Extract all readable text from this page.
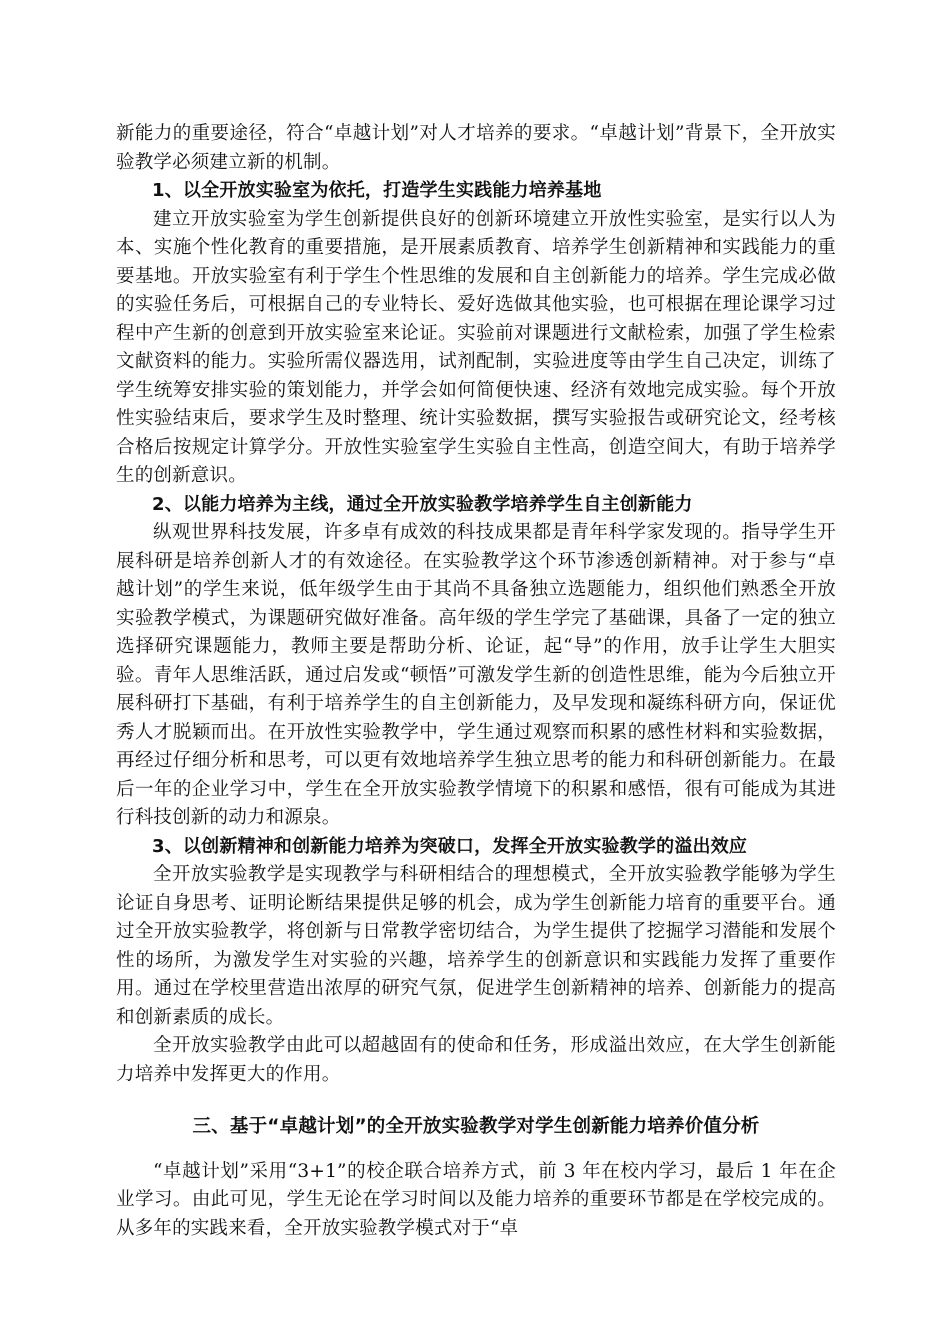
新能力的重要途径，符合“卓越计划”对人才培养的要求。“卓越计划”背景下，全开放实验教学必须建立新的机制。

1、以全开放实验室为依托，打造学生实践能力培养基地

建立开放实验室为学生创新提供良好的创新环境建立开放性实验室，是实行以人为本、实施个性化教育的重要措施，是开展素质教育、培养学生创新精神和实践能力的重要基地。开放实验室有利于学生个性思维的发展和自主创新能力的培养。学生完成必做的实验任务后，可根据自己的专业特长、爱好选做其他实验，也可根据在理论课学习过程中产生新的创意到开放实验室来论证。实验前对课题进行文献检索，加强了学生检索文献资料的能力。实验所需仪器选用，试剂配制，实验进度等由学生自己决定，训练了学生统筹安排实验的策划能力，并学会如何简便快速、经济有效地完成实验。每个开放性实验结束后，要求学生及时整理、统计实验数据，撰写实验报告或研究论文，经考核合格后按规定计算学分。开放性实验室学生实验自主性高，创造空间大，有助于培养学生的创新意识。

2、以能力培养为主线，通过全开放实验教学培养学生自主创新能力

纵观世界科技发展，许多卓有成效的科技成果都是青年科学家发现的。指导学生开展科研是培养创新人才的有效途径。在实验教学这个环节渗透创新精神。对于参与“卓越计划”的学生来说，低年级学生由于其尚不具备独立选题能力，组织他们熟悉全开放实验教学模式，为课题研究做好准备。高年级的学生学完了基础课，具备了一定的独立选择研究课题能力，教师主要是帮助分析、论证，起“导”的作用，放手让学生大胆实验。青年人思维活跃，通过启发或“顿悟”可激发学生新的创造性思维，能为今后独立开展科研打下基础，有利于培养学生的自主创新能力，及早发现和凝练科研方向，保证优秀人才脱颖而出。在开放性实验教学中，学生通过观察而积累的感性材料和实验数据，再经过仔细分析和思考，可以更有效地培养学生独立思考的能力和科研创新能力。在最后一年的企业学习中，学生在全开放实验教学情境下的积累和感悟，很有可能成为其进行科技创新的动力和源泉。

3、以创新精神和创新能力培养为突破口，发挥全开放实验教学的溢出效应

全开放实验教学是实现教学与科研相结合的理想模式，全开放实验教学能够为学生论证自身思考、证明论断结果提供足够的机会，成为学生创新能力培育的重要平台。通过全开放实验教学，将创新与日常教学密切结合，为学生提供了挖掘学习潜能和发展个性的场所，为激发学生对实验的兴趣，培养学生的创新意识和实践能力发挥了重要作用。通过在学校里营造出浓厚的研究气氛，促进学生创新精神的培养、创新能力的提高和创新素质的成长。

全开放实验教学由此可以超越固有的使命和任务，形成溢出效应，在大学生创新能力培养中发挥更大的作用。

三、基于“卓越计划”的全开放实验教学对学生创新能力培养价值分析

“卓越计划”采用“3+1”的校企联合培养方式，前 3 年在校内学习，最后 1 年在企业学习。由此可见，学生无论在学习时间以及能力培养的重要环节都是在学校完成的。从多年的实践来看，全开放实验教学模式对于“卓
